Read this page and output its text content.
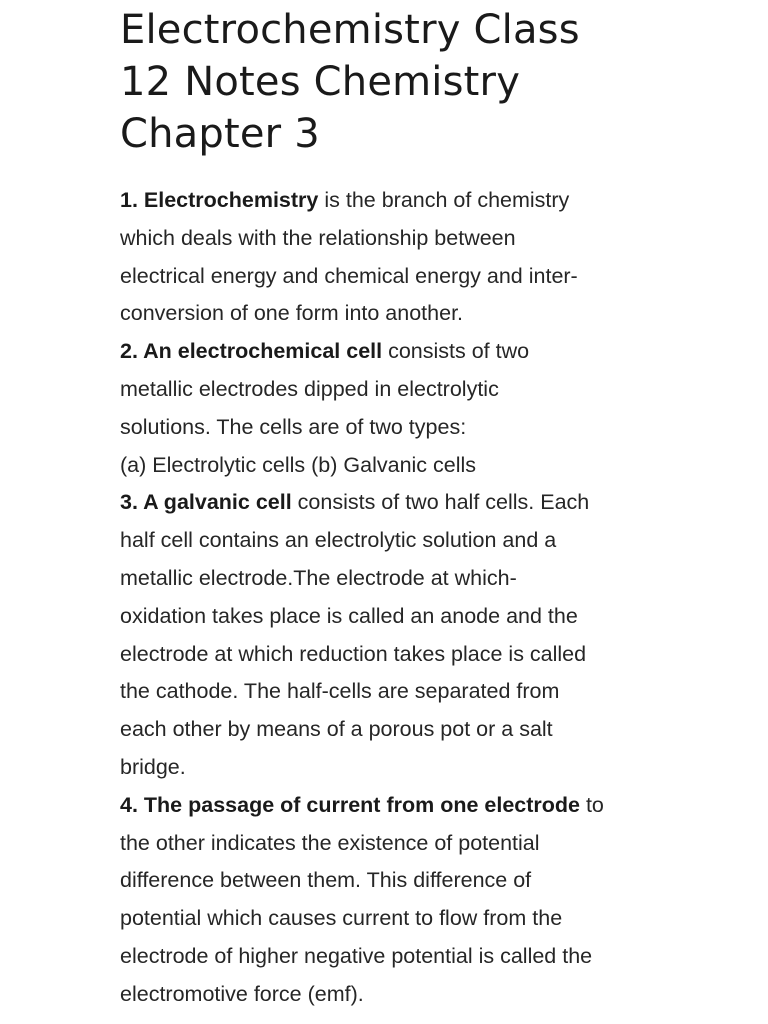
Electrochemistry Class
12 Notes Chemistry
Chapter 3

1. Electrochemistry is the branch of chemistry
which deals with the relationship between
electrical energy and chemical energy and inter-
conversion of one form into another.

2. An electrochemical cell consists of two
metallic electrodes dipped in electrolytic
solutions. The cells are of two types:
(a) Electrolytic cells (b) Galvanic cells

3. A galvanic cell consists of two half cells. Each
half cell contains an electrolytic solution and a
metallic electrode.The electrode at which-
oxidation takes place is called an anode and the
electrode at which reduction takes place is called
the cathode. The half-cells are separated from
each other by means of a porous pot or a salt
bridge.

4. The passage of current from one electrode to
the other indicates the existence of potential
difference between them. This difference of
potential which causes current to flow from the
electrode of higher negative potential is called the
electromotive force (emf).
